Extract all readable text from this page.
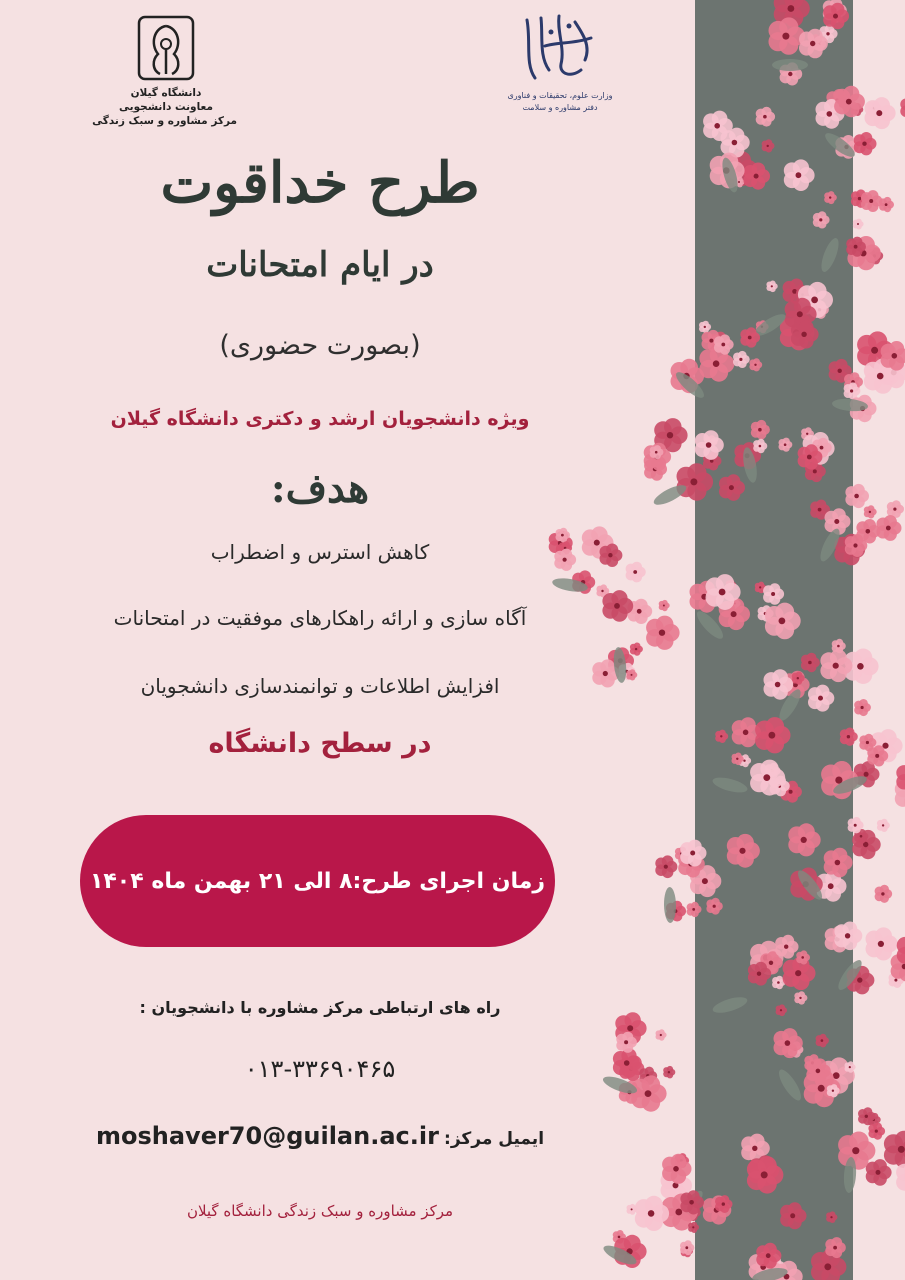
دانشگاه گیلان
معاونت دانشجویی
مرکز مشاوره و سبک زندگی
وزارت علوم، تحقیقات و فناوری
دفتر مشاوره و سلامت
طرح خداقوت
در ایام امتحانات
(بصورت حضوری)
ویژه دانشجویان ارشد و دکتری دانشگاه گیلان
هدف:
کاهش استرس و اضطراب
آگاه سازی و ارائه راهکارهای موفقیت در امتحانات
افزایش اطلاعات و توانمندسازی دانشجویان
در سطح دانشگاه
زمان اجرای طرح:۸ الی ۲۱ بهمن ماه ۱۴۰۴
راه های ارتباطی مرکز مشاوره با دانشجویان :
۰۱۳-۳۳۶۹۰۴۶۵
ایمیل مرکز: moshaver70@guilan.ac.ir
مرکز مشاوره و سبک زندگی دانشگاه گیلان
